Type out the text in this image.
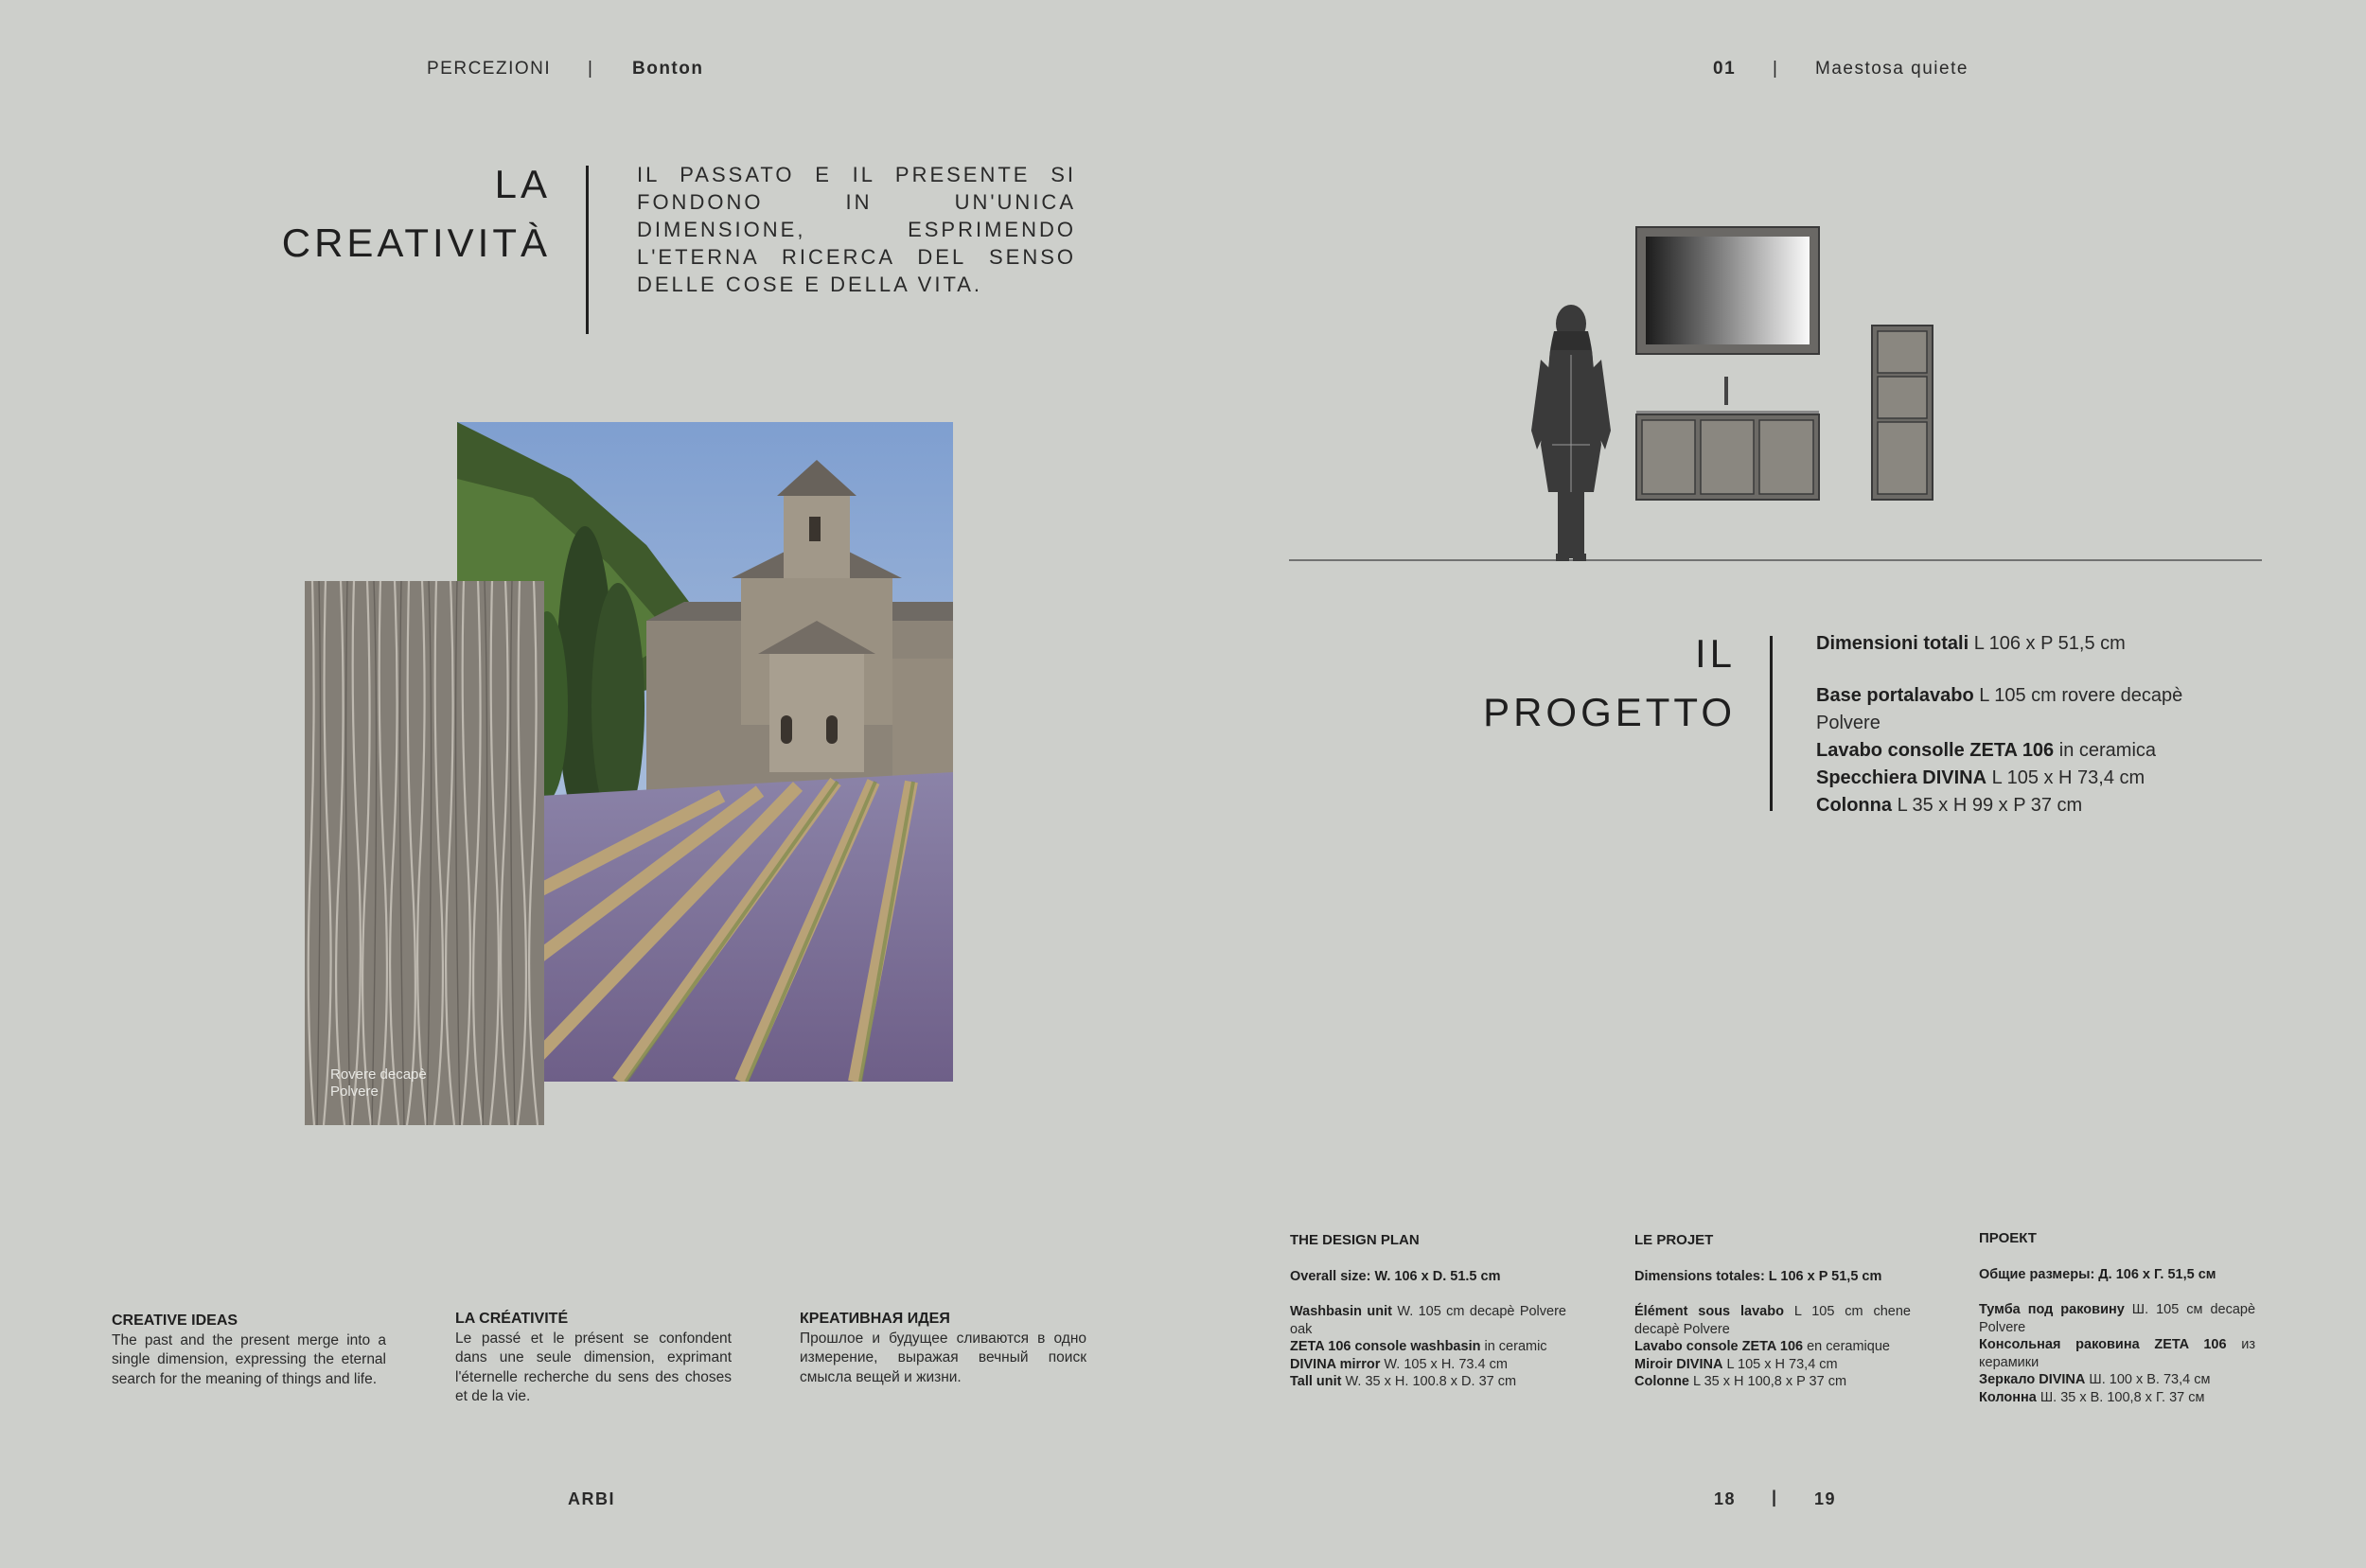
PERCEZIONI | Bonton	01 | Maestosa quiete
LA
CREATIVITÀ
IL PASSATO E IL PRESENTE SI FONDONO IN UN'UNICA DIMENSIONE, ESPRIMENDO L'ETERNA RICERCA DEL SENSO DELLE COSE E DELLA VITA.
Rovere decapè
Polvere
CREATIVE IDEAS
The past and the present merge into a single dimension, expressing the eternal search for the meaning of things and life.
LA CRÉATIVITÉ
Le passé et le présent se confondent dans une seule dimension, exprimant l'éternelle recherche du sens des choses et de la vie.
КРЕАТИВНАЯ ИДЕЯ
Прошлое и будущее сливаются в одно измерение, выражая вечный поиск смысла вещей и жизни.
IL
PROGETTO
Dimensioni totali L 106 x P 51,5 cm
Base portalavabo L 105 cm rovere decapè Polvere
Lavabo consolle ZETA 106 in ceramica
Specchiera DIVINA L 105 x H 73,4 cm
Colonna L 35 x H 99 x P 37 cm
THE DESIGN PLAN
Overall size: W. 106 x D. 51.5 cm
Washbasin unit W. 105 cm decapè Polvere oak
ZETA 106 console washbasin in ceramic
DIVINA mirror W. 105 x H. 73.4 cm
Tall unit W. 35 x H. 100.8 x D. 37 cm
LE PROJET
Dimensions totales: L 106 x P 51,5 cm
Élément sous lavabo L 105 cm chene decapè Polvere
Lavabo console ZETA 106 en ceramique
Miroir DIVINA L 105 x H 73,4 cm
Colonne L 35 x H 100,8 x P 37 cm
ПРОЕКТ
Общие размеры: Д. 106 x Г. 51,5 см
Тумба под раковину Ш. 105 см decapè Polvere
Консольная раковина ZETA 106 из керамики
Зеркало DIVINA Ш. 100 x В. 73,4 см
Колонна Ш. 35 x В. 100,8 x Г. 37 см
ARBI	18 | 19
